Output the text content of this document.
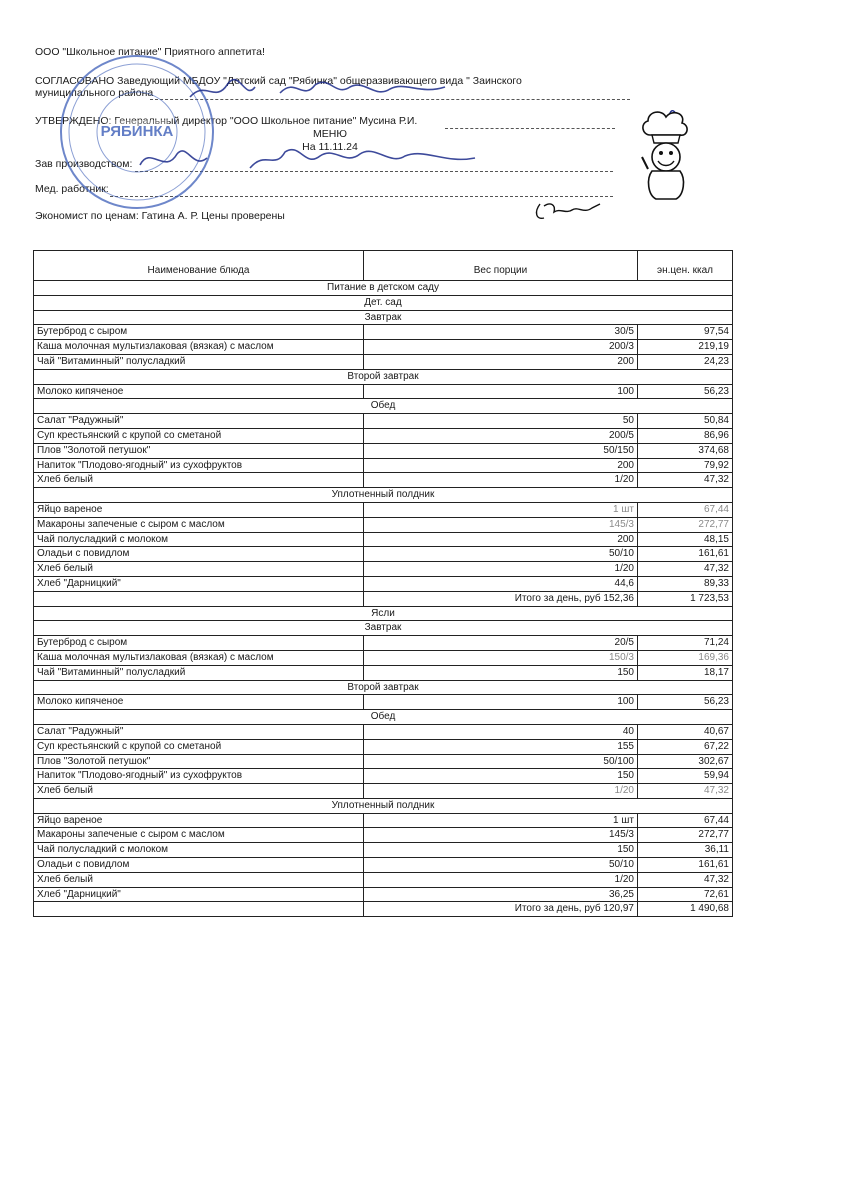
ООО "Школьное питание" Приятного аппетита!
СОГЛАСОВАНО Заведующий МБДОУ "Детский сад "Рябинка" общеразвивающего вида " Заинского
муниципального района
УТВЕРЖДЕНО: Генеральный директор "ООО Школьное питание" Мусина Р.И.
МЕНЮ
На 11.11.24
Зав производством:
Мед. работник:
Экономист по ценам: Гатина А. Р. Цены проверены
РЯБИНКА
Наименование блюда	Вес порции	эн.цен. ккал
Питание в детском саду		
Дет. сад		
Завтрак		
Бутерброд с сыром	30/5	97,54
Каша молочная мультизлаковая (вязкая) с маслом	200/3	219,19
Чай "Витаминный" полусладкий	200	24,23
Второй завтрак		
Молоко кипяченое	100	56,23
Обед		
Салат "Радужный"	50	50,84
Суп крестьянский с крупой со сметаной	200/5	86,96
Плов "Золотой петушок"	50/150	374,68
Напиток "Плодово-ягодный" из сухофруктов	200	79,92
Хлеб белый	1/20	47,32
Уплотненный полдник		
Яйцо вареное	1 шт	67,44
Макароны запеченые с сыром с маслом	145/3	272,77
Чай полусладкий с молоком	200	48,15
Оладьи с повидлом	50/10	161,61
Хлеб белый	1/20	47,32
Хлеб "Дарницкий"	44,6	89,33
	Итого за день, руб 152,36	1 723,53
Ясли		
Завтрак		
Бутерброд с сыром	20/5	71,24
Каша молочная мультизлаковая (вязкая) с маслом	150/3	169,36
Чай "Витаминный" полусладкий	150	18,17
Второй завтрак		
Молоко кипяченое	100	56,23
Обед		
Салат "Радужный"	40	40,67
Суп крестьянский с крупой со сметаной	155	67,22
Плов "Золотой петушок"	50/100	302,67
Напиток "Плодово-ягодный" из сухофруктов	150	59,94
Хлеб белый	1/20	47,32
Уплотненный полдник		
Яйцо вареное	1 шт	67,44
Макароны запеченые с сыром с маслом	145/3	272,77
Чай полусладкий с молоком	150	36,11
Оладьи с повидлом	50/10	161,61
Хлеб белый	1/20	47,32
Хлеб "Дарницкий"	36,25	72,61
	Итого за день, руб 120,97	1 490,68
